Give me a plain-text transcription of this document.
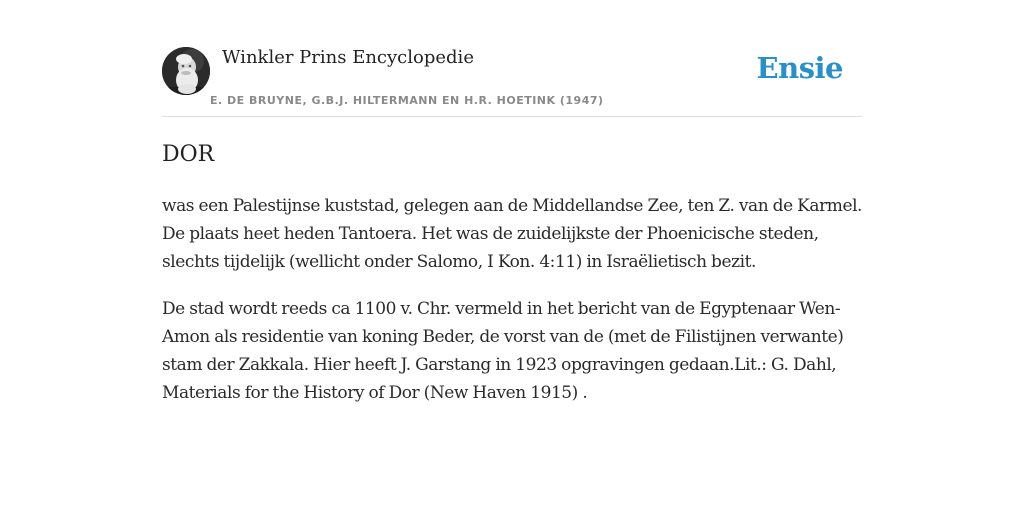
Winkler Prins Encyclopedie
E. DE BRUYNE, G.B.J. HILTERMANN EN H.R. HOETINK (1947)
Ensie
DOR

was een Palestijnse kuststad, gelegen aan de Middellandse Zee, ten Z. van de Karmel. De plaats heet heden Tantoera. Het was de zuidelijkste der Phoenicische steden, slechts tijdelijk (wellicht onder Salomo, I Kon. 4:11) in Israëlietisch bezit.

De stad wordt reeds ca 1100 v. Chr. vermeld in het bericht van de Egyptenaar Wen-Amon als residentie van koning Beder, de vorst van de (met de Filistijnen verwante) stam der Zakkala. Hier heeft J. Garstang in 1923 opgravingen gedaan.Lit.: G. Dahl, Materials for the History of Dor (New Haven 1915) .
